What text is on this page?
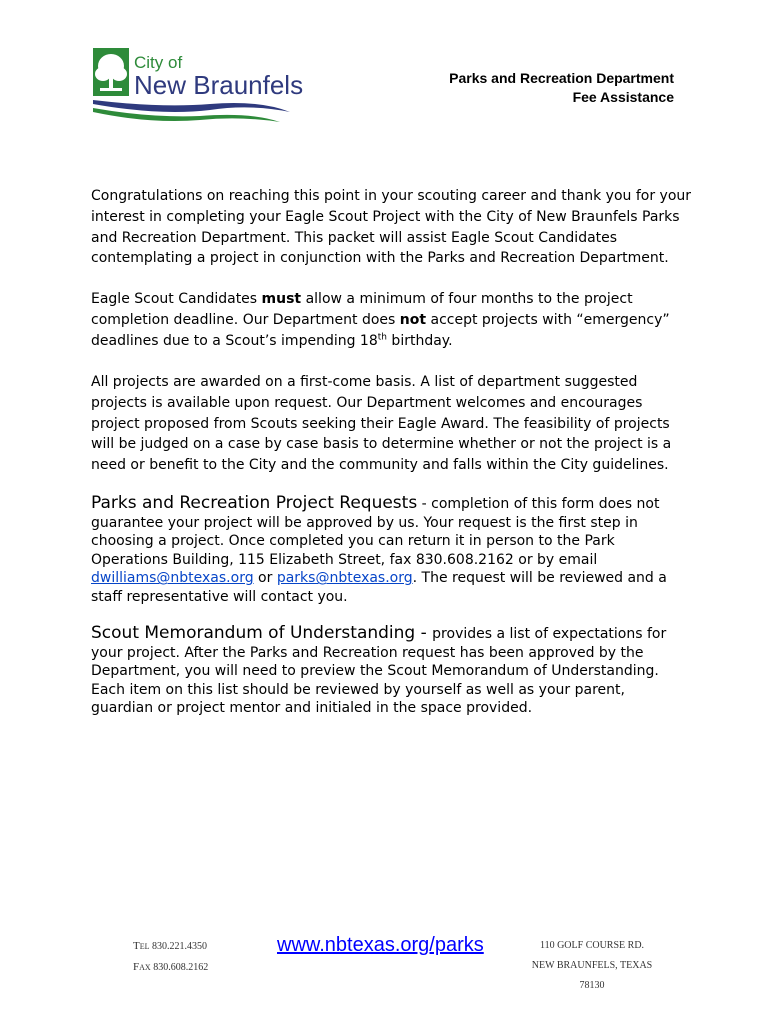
City of
New Braunfels	Parks and Recreation Department
Fee Assistance
Congratulations on reaching this point in your scouting career and thank you for your interest in completing your Eagle Scout Project with the City of New Braunfels Parks and Recreation Department. This packet will assist Eagle Scout Candidates contemplating a project in conjunction with the Parks and Recreation Department.
Eagle Scout Candidates must allow a minimum of four months to the project completion deadline. Our Department does not accept projects with “emergency” deadlines due to a Scout’s impending 18th birthday.
All projects are awarded on a first-come basis. A list of department suggested projects is available upon request. Our Department welcomes and encourages project proposed from Scouts seeking their Eagle Award. The feasibility of projects will be judged on a case by case basis to determine whether or not the project is a need or benefit to the City and the community and falls within the City guidelines.
Parks and Recreation Project Requests - completion of this form does not guarantee your project will be approved by us. Your request is the first step in choosing a project. Once completed you can return it in person to the Park Operations Building, 115 Elizabeth Street, fax 830.608.2162 or by email dwilliams@nbtexas.org or parks@nbtexas.org. The request will be reviewed and a staff representative will contact you.
Scout Memorandum of Understanding - provides a list of expectations for your project. After the Parks and Recreation request has been approved by the Department, you will need to preview the Scout Memorandum of Understanding. Each item on this list should be reviewed by yourself as well as your parent, guardian or project mentor and initialed in the space provided.
TEL 830.221.4350
FAX 830.608.2162
www.nbtexas.org/parks	110 GOLF COURSE RD.
NEW BRAUNFELS, TEXAS 78130
